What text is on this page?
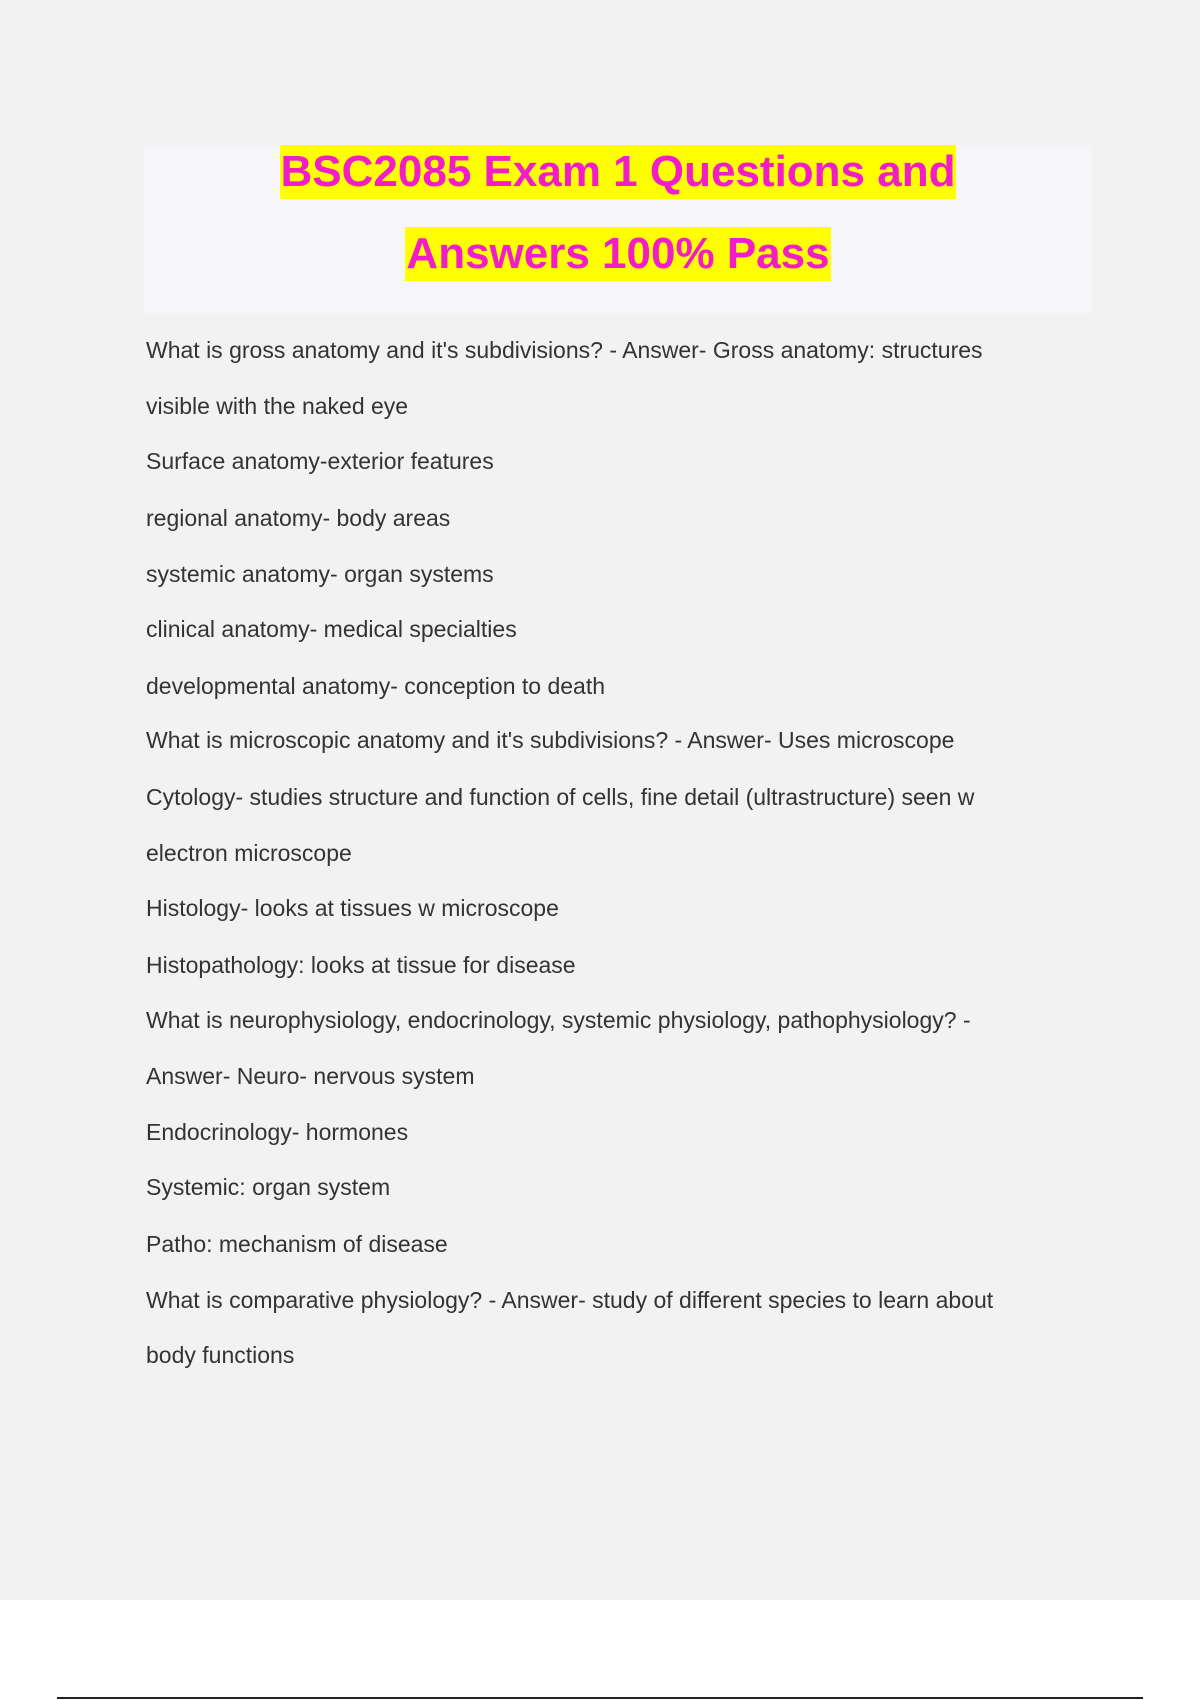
BSC2085 Exam 1 Questions and
Answers 100% Pass
What is gross anatomy and it's subdivisions? - Answer- Gross anatomy: structures
visible with the naked eye
Surface anatomy-exterior features
regional anatomy- body areas
systemic anatomy- organ systems
clinical anatomy- medical specialties
developmental anatomy- conception to death
What is microscopic anatomy and it's subdivisions? - Answer- Uses microscope
Cytology- studies structure and function of cells, fine detail (ultrastructure) seen w
electron microscope
Histology- looks at tissues w microscope
Histopathology: looks at tissue for disease
What is neurophysiology, endocrinology, systemic physiology, pathophysiology? -
Answer- Neuro- nervous system
Endocrinology- hormones
Systemic: organ system
Patho: mechanism of disease
What is comparative physiology? - Answer- study of different species to learn about
body functions
